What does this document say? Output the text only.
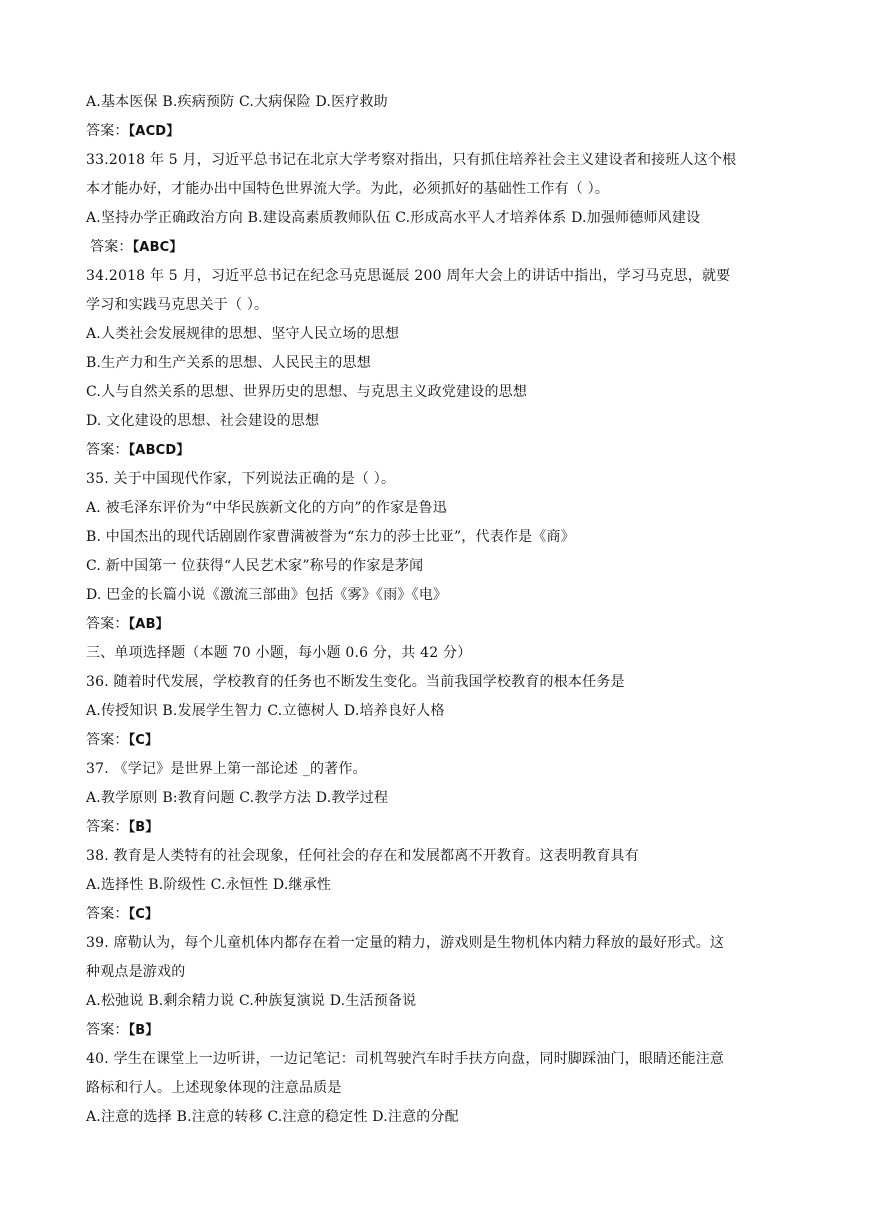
A.基本医保 B.疾病预防 C.大病保险 D.医疗救助
答案：【ACD】
33.2018 年 5 月，习近平总书记在北京大学考察对指出，只有抓住培养社会主义建设者和接班人这个根
本才能办好，才能办出中国特色世界流大学。为此，必须抓好的基础性工作有（ ）。
A.坚持办学正确政治方向 B.建设高素质教师队伍 C.形成高水平人才培养体系 D.加强师德师风建设
答案：【ABC】
34.2018 年 5 月，习近平总书记在纪念马克思诞辰 200 周年大会上的讲话中指出，学习马克思，就要
学习和实践马克思关于（ ）。
A.人类社会发展规律的思想、坚守人民立场的思想
B.生产力和生产关系的思想、人民民主的思想
C.人与自然关系的思想、世界历史的思想、与克思主义政党建设的思想
D. 文化建设的思想、社会建设的思想
答案：【ABCD】
35. 关于中国现代作家，下列说法正确的是（ ）。
A. 被毛泽东评价为“中华民族新文化的方向”的作家是鲁迅
B. 中国杰出的现代话剧剧作家曹满被誉为“东力的莎士比亚”，代表作是《商》
C. 新中国第一 位获得“人民艺术家”称号的作家是茅闻
D. 巴金的长篇小说《激流三部曲》包括《雾》《雨》《电》
答案：【AB】
三、单项选择题（本题 70 小题，每小题 0.6 分，共 42 分）
36. 随着时代发展，学校教育的任务也不断发生变化。当前我国学校教育的根本任务是
A.传授知识 B.发展学生智力 C.立德树人 D.培养良好人格
答案：【C】
37. 《学记》是世界上第一部论述 _的著作。
A.教学原则 B:教育问题 C.教学方法 D.教学过程
答案：【B】
38. 教育是人类特有的社会现象，任何社会的存在和发展都离不开教育。这表明教育具有
A.选择性 B.阶级性 C.永恒性 D.继承性
答案：【C】
39. 席勒认为，每个儿童机体内都存在着一定量的精力，游戏则是生物机体内精力释放的最好形式。这
种观点是游戏的
A.松弛说 B.剩余精力说 C.种族复演说 D.生活预备说
答案：【B】
40. 学生在课堂上一边听讲，一边记笔记：司机驾驶汽车时手扶方向盘，同时脚踩油门，眼睛还能注意
路标和行人。上述现象体现的注意品质是
A.注意的选择 B.注意的转移 C.注意的稳定性 D.注意的分配
